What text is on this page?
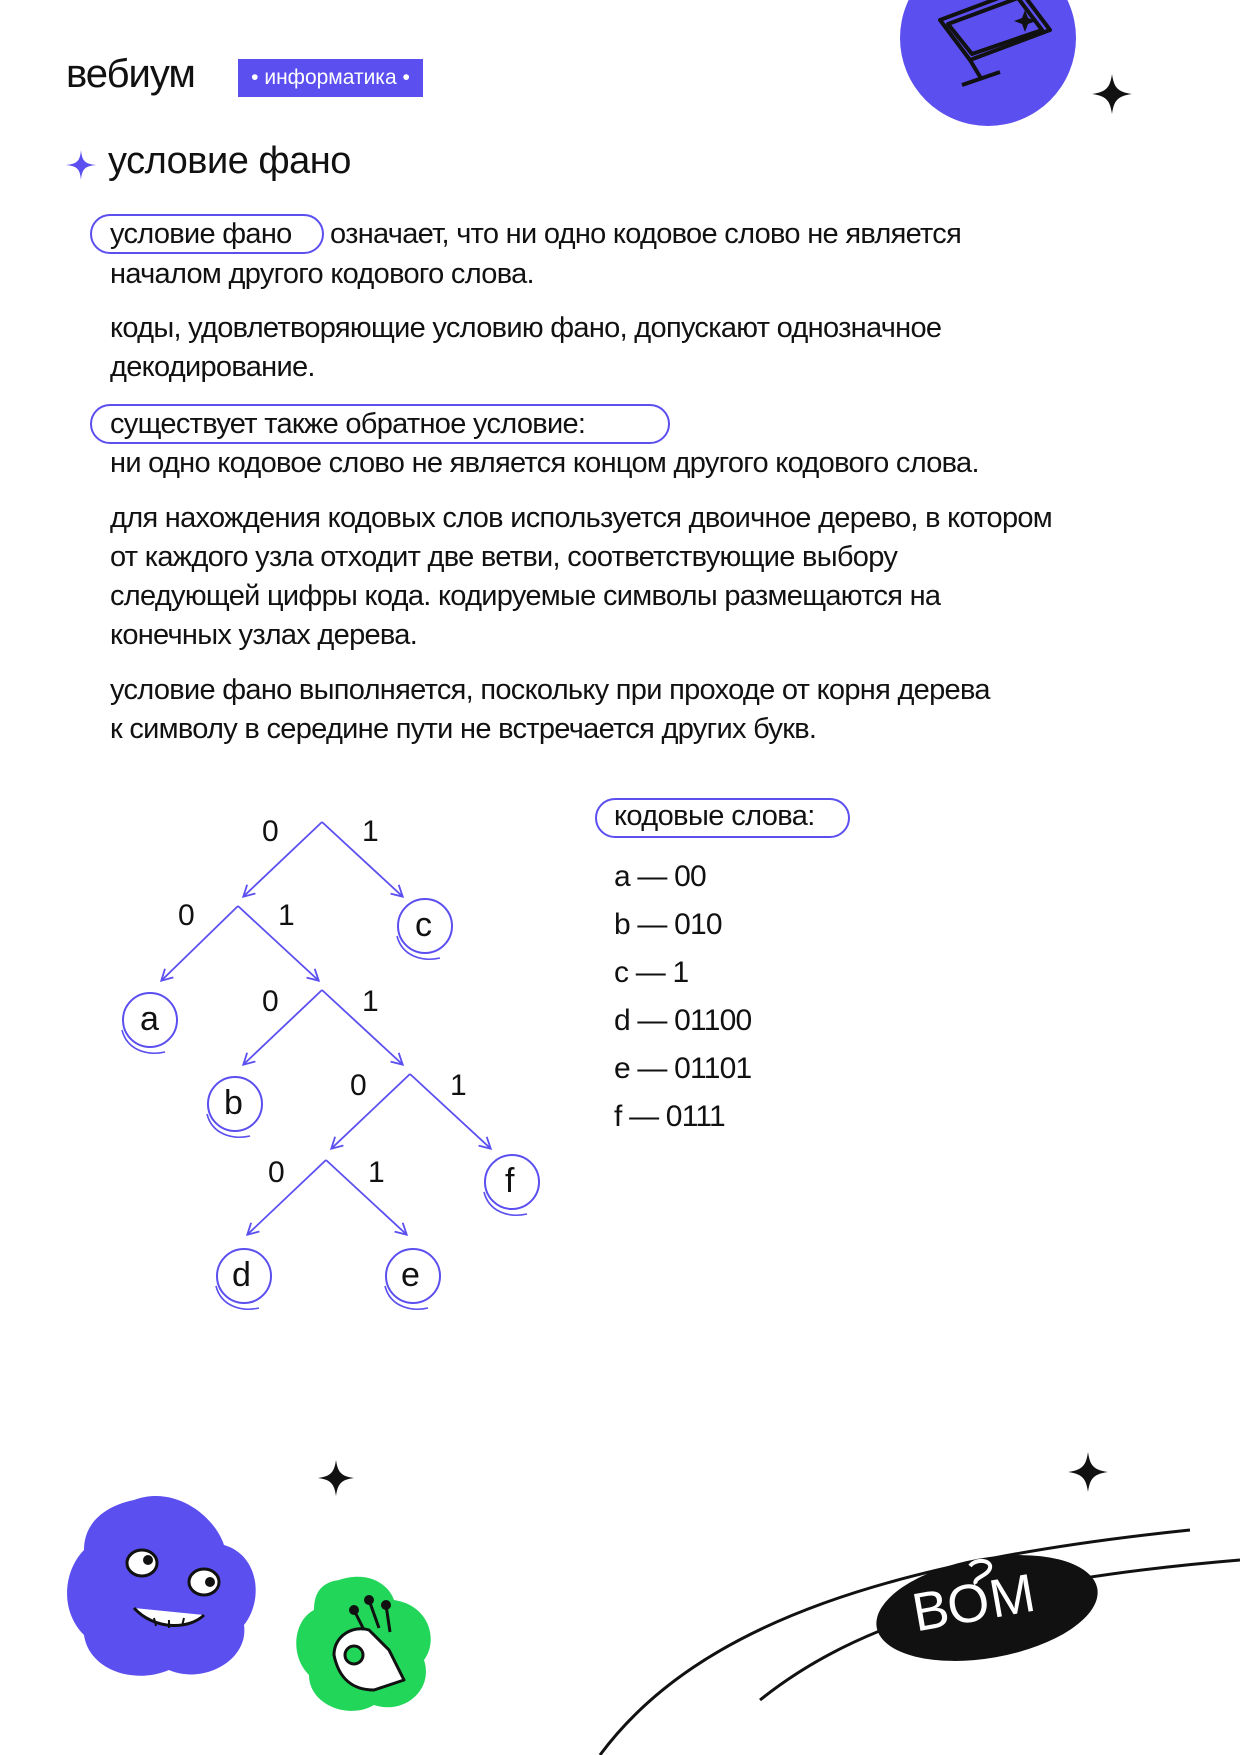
вебиум	• информатика •
условие фано
условие фано означает, что ни одно кодовое слово не является
началом другого кодового слова.
коды, удовлетворяющие условию фано, допускают однозначное
декодирование.
существует также обратное условие:
ни одно кодовое слово не является концом другого кодового слова.
для нахождения кодовых слов используется двоичное дерево, в котором
от каждого узла отходит две ветви, соответствующие выбору
следующей цифры кода. кодируемые символы размещаются на
конечных узлах дерева.
условие фано выполняется, поскольку при проходе от корня дерева
к символу в середине пути не встречается других букв.
0	1
0	1
0	1
0	1
0	1
c
a
b
f
d	e
кодовые слова:
a — 00
b — 010
c — 1
d — 01100
e — 01101
f — 0111
ВОМ
